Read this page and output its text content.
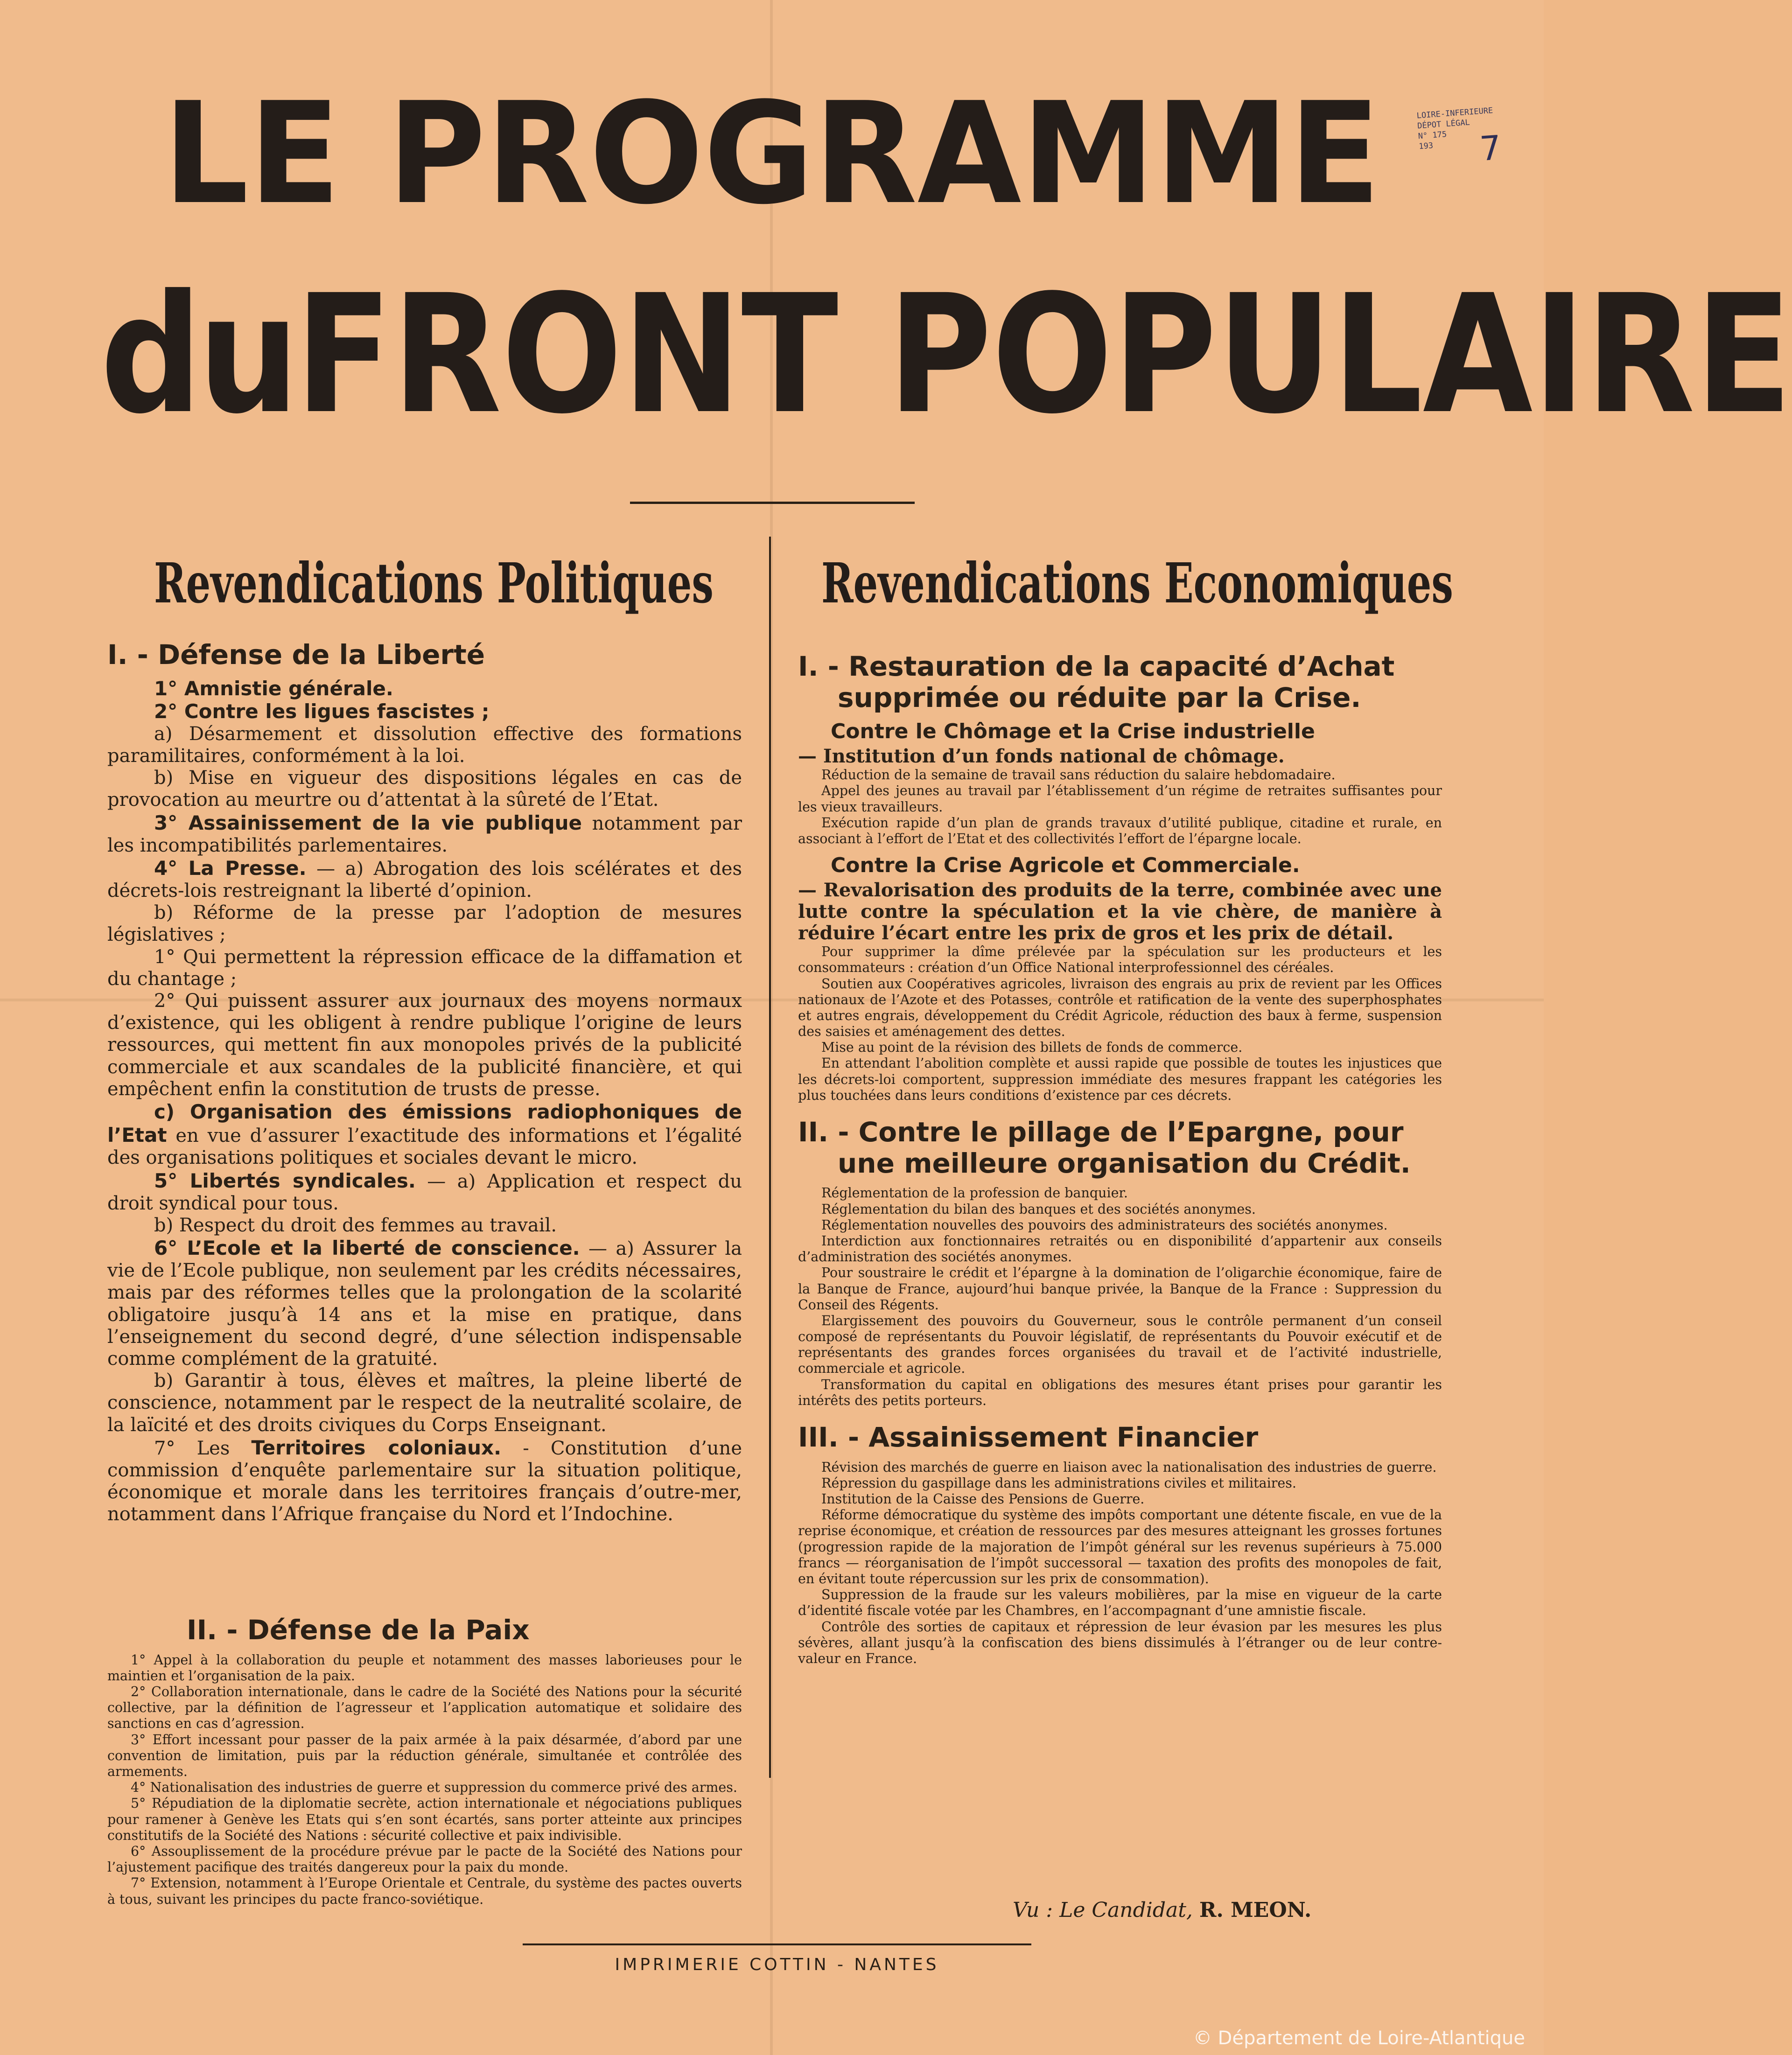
LOIRE-INFERIEURE
DÉPOT LÉGAL
N° 175
193	7
LE PROGRAMME
duFRONT POPULAIRE
Revendications Politiques Revendications Economiques
I. - Défense de la Liberté

1° Amnistie générale.

2° Contre les ligues fascistes ;

a) Désarmement et dissolution effective des formations paramilitaires, conformément à la loi.

b) Mise en vigueur des dispositions légales en cas de provocation au meurtre ou d’attentat à la sûreté de l’Etat.

3° Assainissement de la vie publique notamment par les incompatibilités parlementaires.

4° La Presse. — a) Abrogation des lois scélérates et des décrets-lois restreignant la liberté d’opinion.

b) Réforme de la presse par l’adoption de mesures législatives ;

1° Qui permettent la répression efficace de la diffamation et du chantage ;

2° Qui puissent assurer aux journaux des moyens normaux d’existence, qui les obligent à rendre publique l’origine de leurs ressources, qui mettent fin aux monopoles privés de la publicité commerciale et aux scandales de la publicité financière, et qui empêchent enfin la constitution de trusts de presse.

c) Organisation des émissions radiophoniques de l’Etat en vue d’assurer l’exactitude des informations et l’égalité des organisations politiques et sociales devant le micro.

5° Libertés syndicales. — a) Application et respect du droit syndical pour tous.

b) Respect du droit des femmes au travail.

6° L’Ecole et la liberté de conscience. — a) Assurer la vie de l’Ecole publique, non seulement par les crédits nécessaires, mais par des réformes telles que la prolongation de la scolarité obligatoire jusqu’à 14 ans et la mise en pratique, dans l’enseignement du second degré, d’une sélection indispensable comme complément de la gratuité.

b) Garantir à tous, élèves et maîtres, la pleine liberté de conscience, notamment par le respect de la neutralité scolaire, de la laïcité et des droits civiques du Corps Enseignant.

7° Les Territoires coloniaux. - Constitution d’une commission d’enquête parlementaire sur la situation politique, économique et morale dans les territoires français d’outre-mer, notamment dans l’Afrique française du Nord et l’Indochine.

II. - Défense de la Paix

1° Appel à la collaboration du peuple et notamment des masses laborieuses pour le maintien et l’organisation de la paix.

2° Collaboration internationale, dans le cadre de la Société des Nations pour la sécurité collective, par la définition de l’agresseur et l’application automatique et solidaire des sanctions en cas d’agression.

3° Effort incessant pour passer de la paix armée à la paix désarmée, d’abord par une convention de limitation, puis par la réduction générale, simultanée et contrôlée des armements.

4° Nationalisation des industries de guerre et suppression du commerce privé des armes.

5° Répudiation de la diplomatie secrète, action internationale et négociations publiques pour ramener à Genève les Etats qui s’en sont écartés, sans porter atteinte aux principes constitutifs de la Société des Nations : sécurité collective et paix indivisible.

6° Assouplissement de la procédure prévue par le pacte de la Société des Nations pour l’ajustement pacifique des traités dangereux pour la paix du monde.

7° Extension, notamment à l’Europe Orientale et Centrale, du système des pactes ouverts à tous, suivant les principes du pacte franco-soviétique.

I. - Restauration de la capacité d’Achat supprimée ou réduite par la Crise.
Contre le Chômage et la Crise industrielle

— Institution d’un fonds national de chômage.

Réduction de la semaine de travail sans réduction du salaire hebdomadaire.

Appel des jeunes au travail par l’établissement d’un régime de retraites suffisantes pour les vieux travailleurs.

Exécution rapide d’un plan de grands travaux d’utilité publique, citadine et rurale, en associant à l’effort de l’Etat et des collectivités l’effort de l’épargne locale.

Contre la Crise Agricole et Commerciale.

— Revalorisation des produits de la terre, combinée avec une lutte contre la spéculation et la vie chère, de manière à réduire l’écart entre les prix de gros et les prix de détail.

Pour supprimer la dîme prélevée par la spéculation sur les producteurs et les consommateurs : création d’un Office National interprofessionnel des céréales.

Soutien aux Coopératives agricoles, livraison des engrais au prix de revient par les Offices nationaux de l’Azote et des Potasses, contrôle et ratification de la vente des superphosphates et autres engrais, développement du Crédit Agricole, réduction des baux à ferme, suspension des saisies et aménagement des dettes.

Mise au point de la révision des billets de fonds de commerce.

En attendant l’abolition complète et aussi rapide que possible de toutes les injustices que les décrets-loi comportent, suppression immédiate des mesures frappant les catégories les plus touchées dans leurs conditions d’existence par ces décrets.

II. - Contre le pillage de l’Epargne, pour une meilleure organisation du Crédit.

Réglementation de la profession de banquier.

Réglementation du bilan des banques et des sociétés anonymes.

Réglementation nouvelles des pouvoirs des administrateurs des sociétés anonymes.

Interdiction aux fonctionnaires retraités ou en disponibilité d’appartenir aux conseils d’administration des sociétés anonymes.

Pour soustraire le crédit et l’épargne à la domination de l’oligarchie économique, faire de la Banque de France, aujourd’hui banque privée, la Banque de la France : Suppression du Conseil des Régents.

Elargissement des pouvoirs du Gouverneur, sous le contrôle permanent d’un conseil composé de représentants du Pouvoir législatif, de représentants du Pouvoir exécutif et de représentants des grandes forces organisées du travail et de l’activité industrielle, commerciale et agricole.

Transformation du capital en obligations des mesures étant prises pour garantir les intérêts des petits porteurs.

III. - Assainissement Financier

Révision des marchés de guerre en liaison avec la nationalisation des industries de guerre.

Répression du gaspillage dans les administrations civiles et militaires.

Institution de la Caisse des Pensions de Guerre.

Réforme démocratique du système des impôts comportant une détente fiscale, en vue de la reprise économique, et création de ressources par des mesures atteignant les grosses fortunes (progression rapide de la majoration de l’impôt général sur les revenus supérieurs à 75.000 francs — réorganisation de l’impôt successoral — taxation des profits des monopoles de fait, en évitant toute répercussion sur les prix de consommation).

Suppression de la fraude sur les valeurs mobilières, par la mise en vigueur de la carte d’identité fiscale votée par les Chambres, en l’accompagnant d’une amnistie fiscale.

Contrôle des sorties de capitaux et répression de leur évasion par les mesures les plus sévères, allant jusqu’à la confiscation des biens dissimulés à l’étranger ou de leur contre-valeur en France.

Vu : Le Candidat, R. MEON.
IMPRIMERIE COTTIN - NANTES
© Département de Loire-Atlantique
